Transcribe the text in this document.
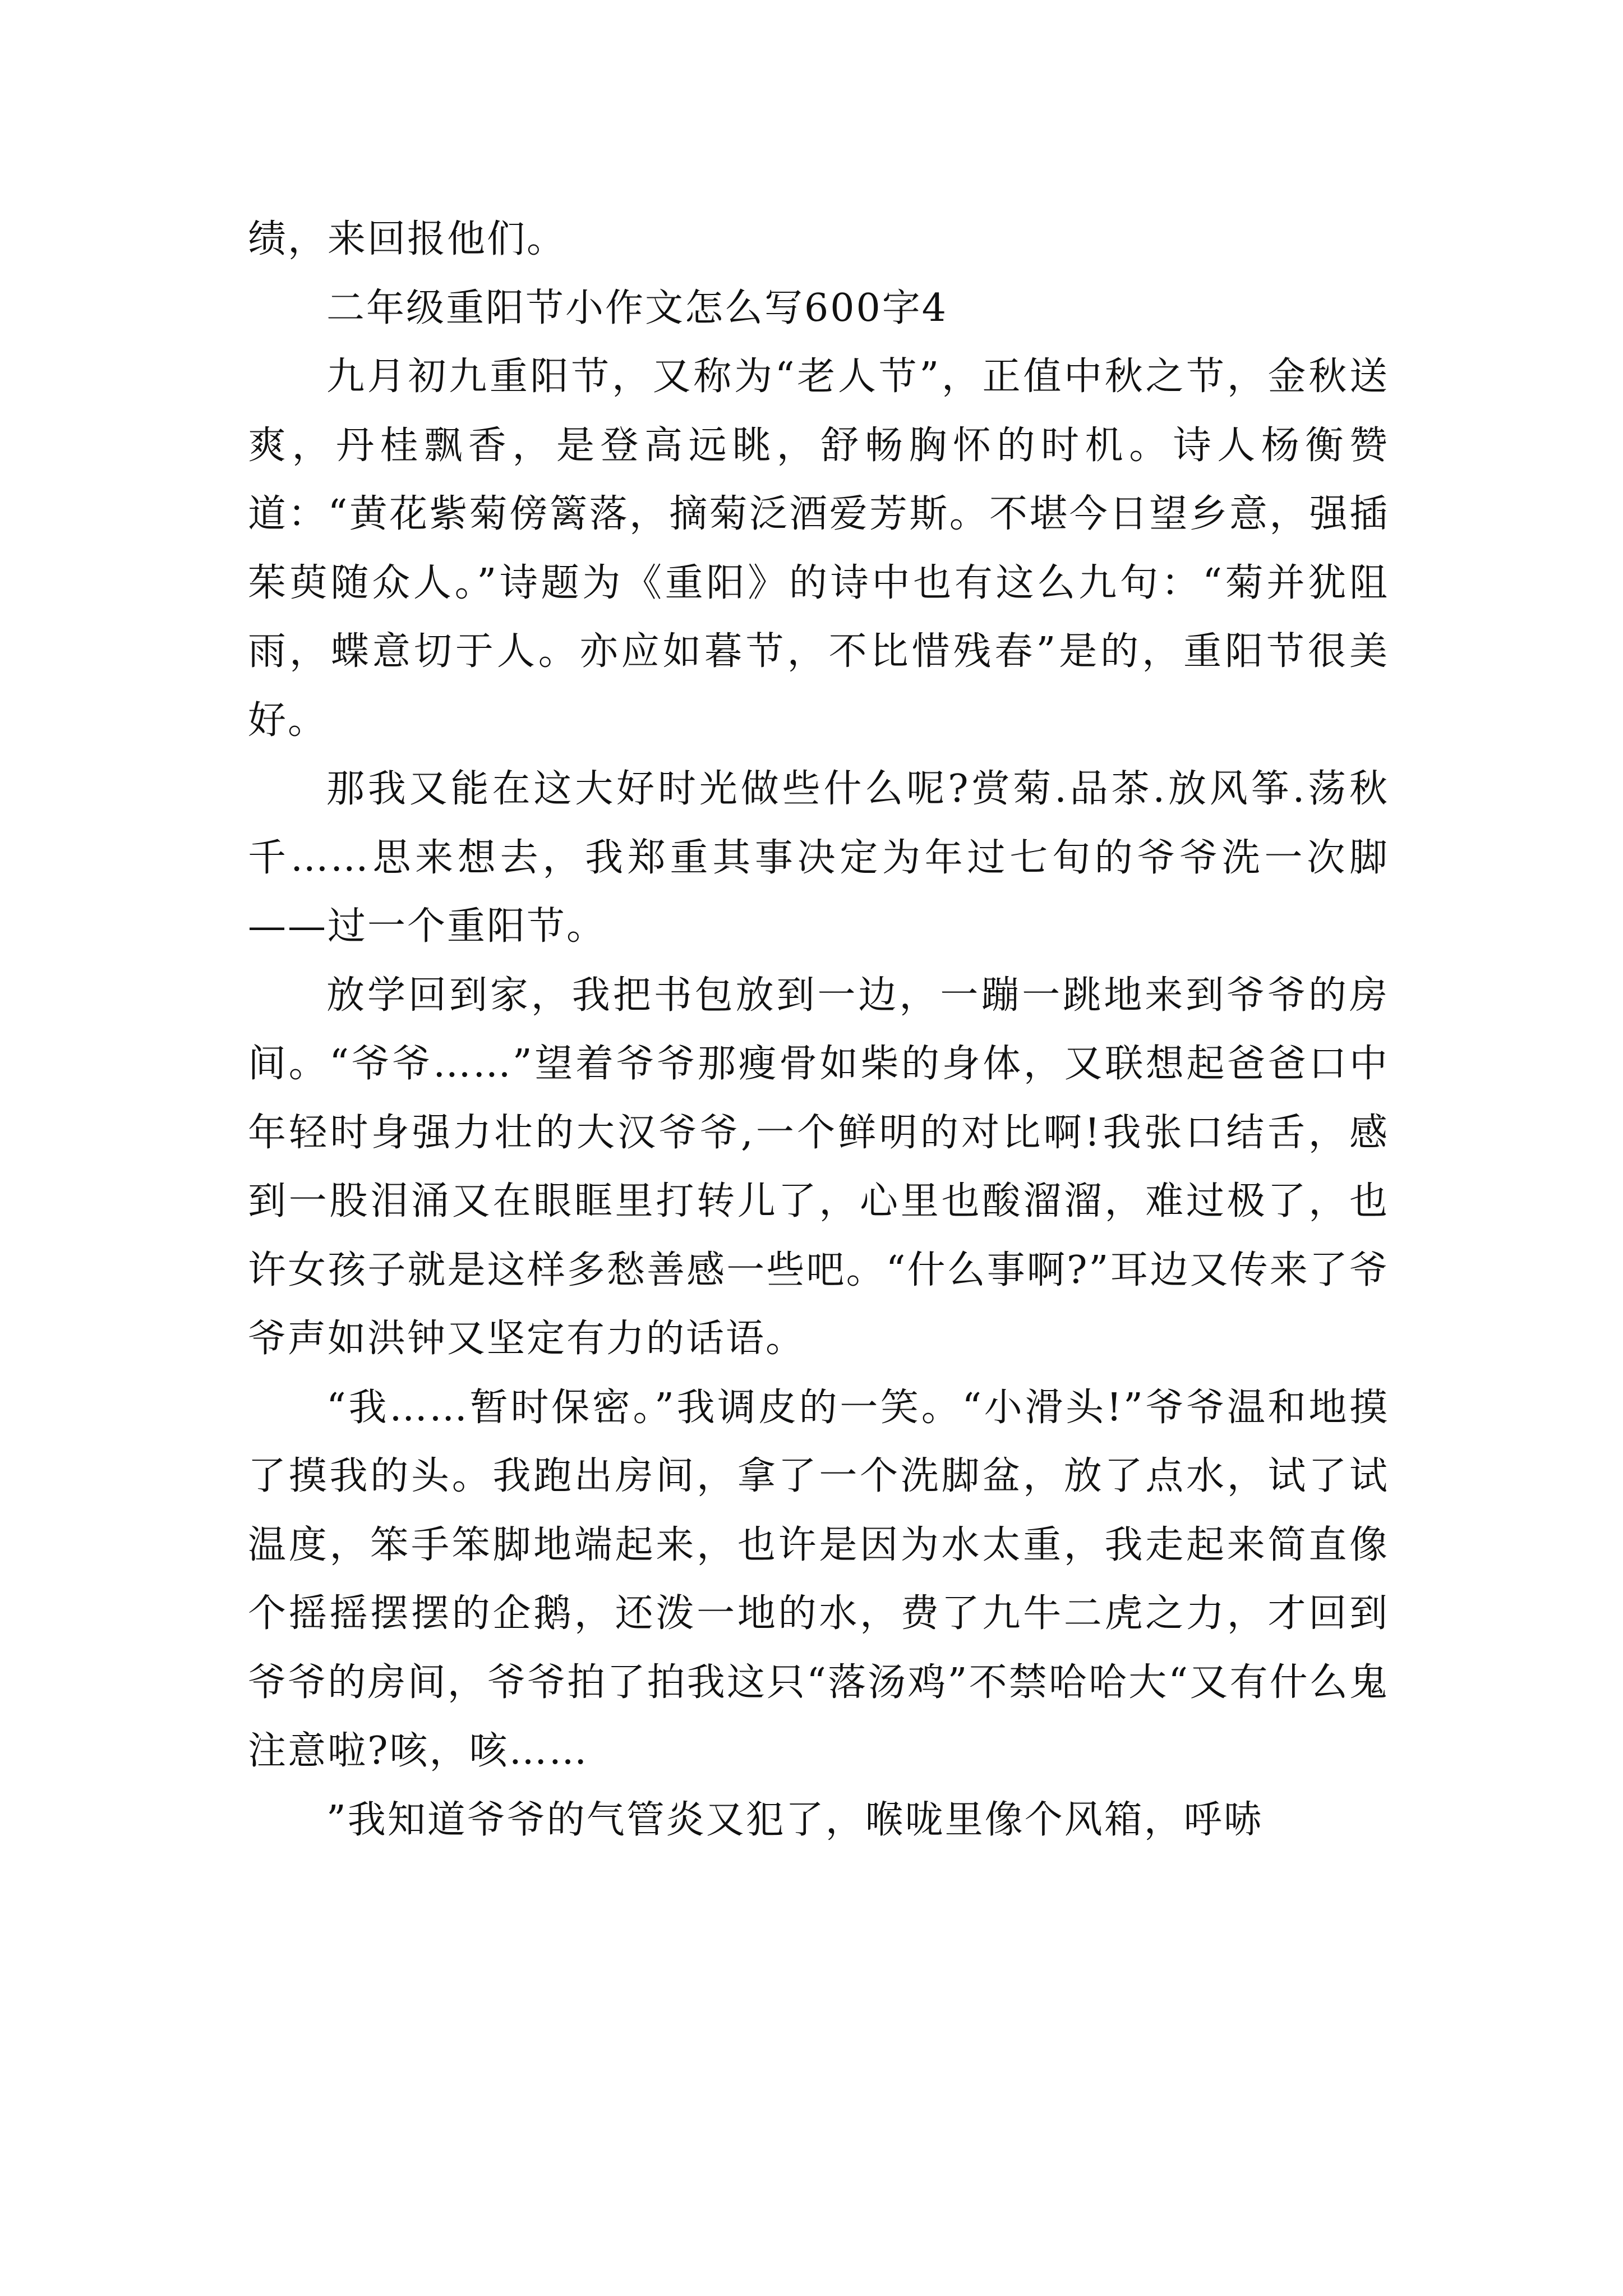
绩，来回报他们。

二年级重阳节小作文怎么写600字4

九月初九重阳节，又称为“老人节”，正值中秋之节，金秋送爽，丹桂飘香，是登高远眺，舒畅胸怀的时机。诗人杨衡赞道：“黄花紫菊傍篱落，摘菊泛酒爱芳斯。不堪今日望乡意，强插茱萸随众人。”诗题为《重阳》的诗中也有这么九句：“菊并犹阻雨，蝶意切于人。亦应如暮节，不比惜残春”是的，重阳节很美好。

那我又能在这大好时光做些什么呢?赏菊.品茶.放风筝.荡秋千……思来想去，我郑重其事决定为年过七旬的爷爷洗一次脚——过一个重阳节。

放学回到家，我把书包放到一边，一蹦一跳地来到爷爷的房间。“爷爷……”望着爷爷那瘦骨如柴的身体，又联想起爸爸口中年轻时身强力壮的大汉爷爷,一个鲜明的对比啊!我张口结舌，感到一股泪涌又在眼眶里打转儿了，心里也酸溜溜，难过极了，也许女孩子就是这样多愁善感一些吧。“什么事啊?”耳边又传来了爷爷声如洪钟又坚定有力的话语。

“我……暂时保密。”我调皮的一笑。“小滑头!”爷爷温和地摸了摸我的头。我跑出房间，拿了一个洗脚盆，放了点水，试了试温度，笨手笨脚地端起来，也许是因为水太重，我走起来简直像个摇摇摆摆的企鹅，还泼一地的水，费了九牛二虎之力，才回到爷爷的房间，爷爷拍了拍我这只“落汤鸡”不禁哈哈大“又有什么鬼注意啦?咳，咳……

”我知道爷爷的气管炎又犯了，喉咙里像个风箱，呼哧
